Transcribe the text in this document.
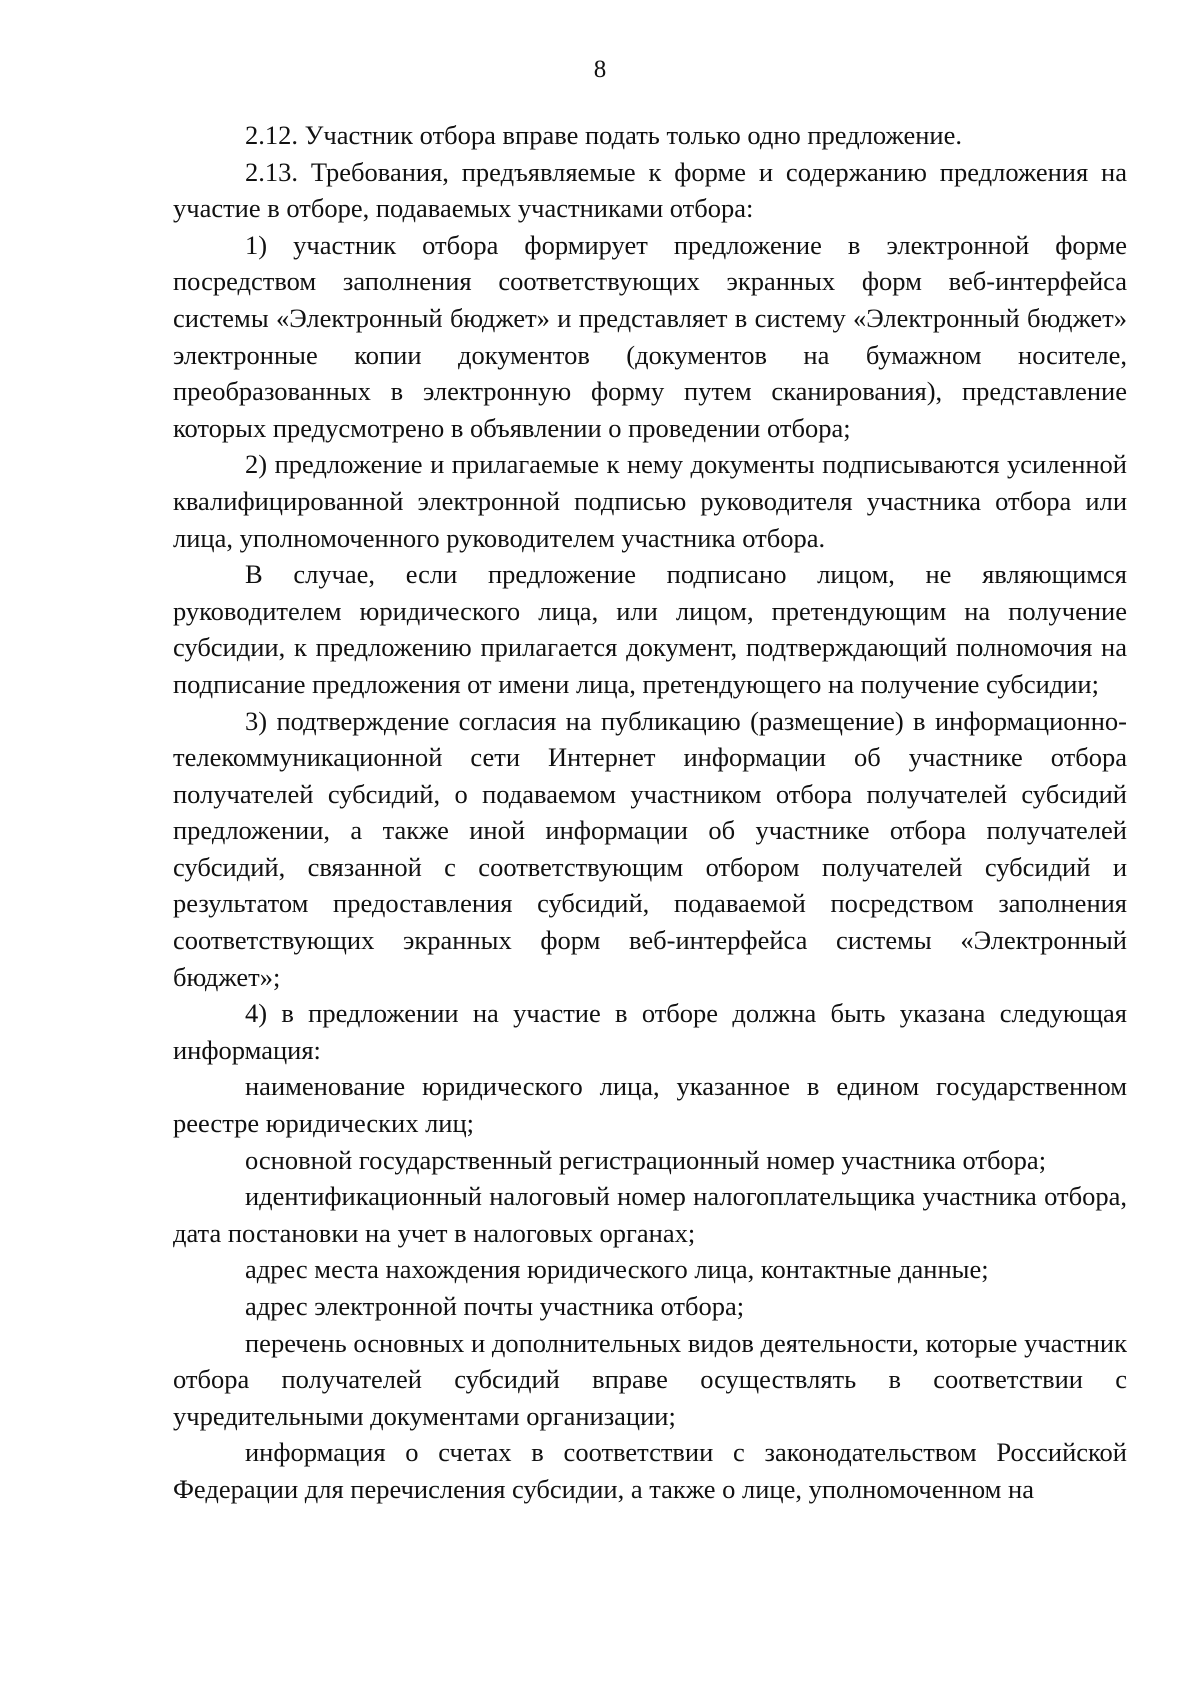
8

2.12. Участник отбора вправе подать только одно предложение.

2.13. Требования, предъявляемые к форме и содержанию предложения на участие в отборе, подаваемых участниками отбора:

1) участник отбора формирует предложение в электронной форме посредством заполнения соответствующих экранных форм веб-интерфейса системы «Электронный бюджет» и представляет в систему «Электронный бюджет» электронные копии документов (документов на бумажном носителе, преобразованных в электронную форму путем сканирования), представление которых предусмотрено в объявлении о проведении отбора;

2) предложение и прилагаемые к нему документы подписываются усиленной квалифицированной электронной подписью руководителя участника отбора или лица, уполномоченного руководителем участника отбора.

В случае, если предложение подписано лицом, не являющимся руководителем юридического лица, или лицом, претендующим на получение субсидии, к предложению прилагается документ, подтверждающий полномочия на подписание предложения от имени лица, претендующего на получение субсидии;

3) подтверждение согласия на публикацию (размещение) в информационно-телекоммуникационной сети Интернет информации об участнике отбора получателей субсидий, о подаваемом участником отбора получателей субсидий предложении, а также иной информации об участнике отбора получателей субсидий, связанной с соответствующим отбором получателей субсидий и результатом предоставления субсидий, подаваемой посредством заполнения соответствующих экранных форм веб-интерфейса системы «Электронный бюджет»;

4) в предложении на участие в отборе должна быть указана следующая информация:

наименование юридического лица, указанное в едином государственном реестре юридических лиц;

основной государственный регистрационный номер участника отбора;

идентификационный налоговый номер налогоплательщика участника отбора, дата постановки на учет в налоговых органах;

адрес места нахождения юридического лица, контактные данные;

адрес электронной почты участника отбора;

перечень основных и дополнительных видов деятельности, которые участник отбора получателей субсидий вправе осуществлять в соответствии с учредительными документами организации;

информация о счетах в соответствии с законодательством Российской Федерации для перечисления субсидии, а также о лице, уполномоченном на
